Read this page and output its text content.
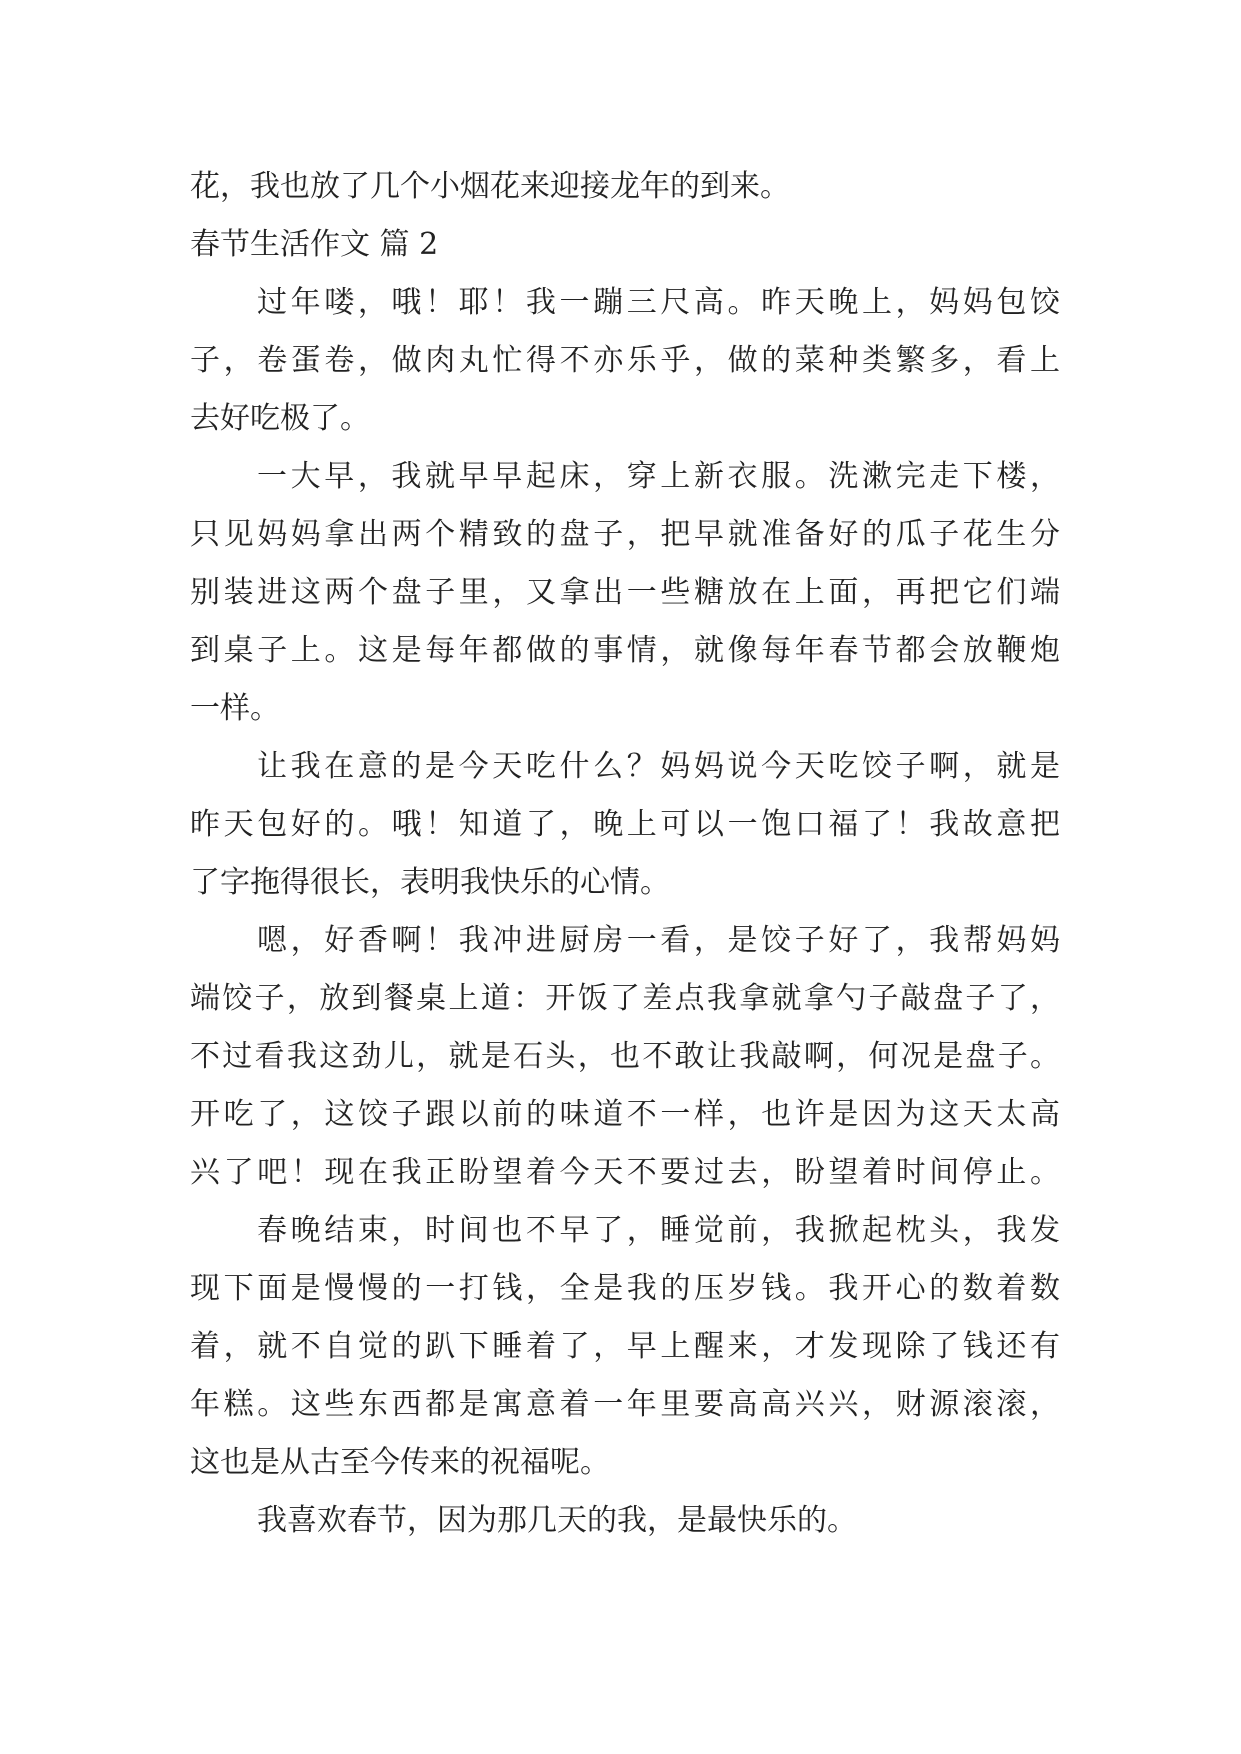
花，我也放了几个小烟花来迎接龙年的到来。
春节生活作文 篇 2
过年喽，哦！耶！我一蹦三尺高。昨天晚上，妈妈包饺
子，卷蛋卷，做肉丸忙得不亦乐乎，做的菜种类繁多，看上
去好吃极了。
一大早，我就早早起床，穿上新衣服。洗漱完走下楼，
只见妈妈拿出两个精致的盘子，把早就准备好的瓜子花生分
别装进这两个盘子里，又拿出一些糖放在上面，再把它们端
到桌子上。这是每年都做的事情，就像每年春节都会放鞭炮
一样。
让我在意的是今天吃什么？妈妈说今天吃饺子啊，就是
昨天包好的。哦！知道了，晚上可以一饱口福了！我故意把
了字拖得很长，表明我快乐的心情。
嗯，好香啊！我冲进厨房一看，是饺子好了，我帮妈妈
端饺子，放到餐桌上道：开饭了差点我拿就拿勺子敲盘子了，
不过看我这劲儿，就是石头，也不敢让我敲啊，何况是盘子。
开吃了，这饺子跟以前的味道不一样，也许是因为这天太高
兴了吧！现在我正盼望着今天不要过去，盼望着时间停止。
春晚结束，时间也不早了，睡觉前，我掀起枕头，我发
现下面是慢慢的一打钱，全是我的压岁钱。我开心的数着数
着，就不自觉的趴下睡着了，早上醒来，才发现除了钱还有
年糕。这些东西都是寓意着一年里要高高兴兴，财源滚滚，
这也是从古至今传来的祝福呢。
我喜欢春节，因为那几天的我，是最快乐的。
